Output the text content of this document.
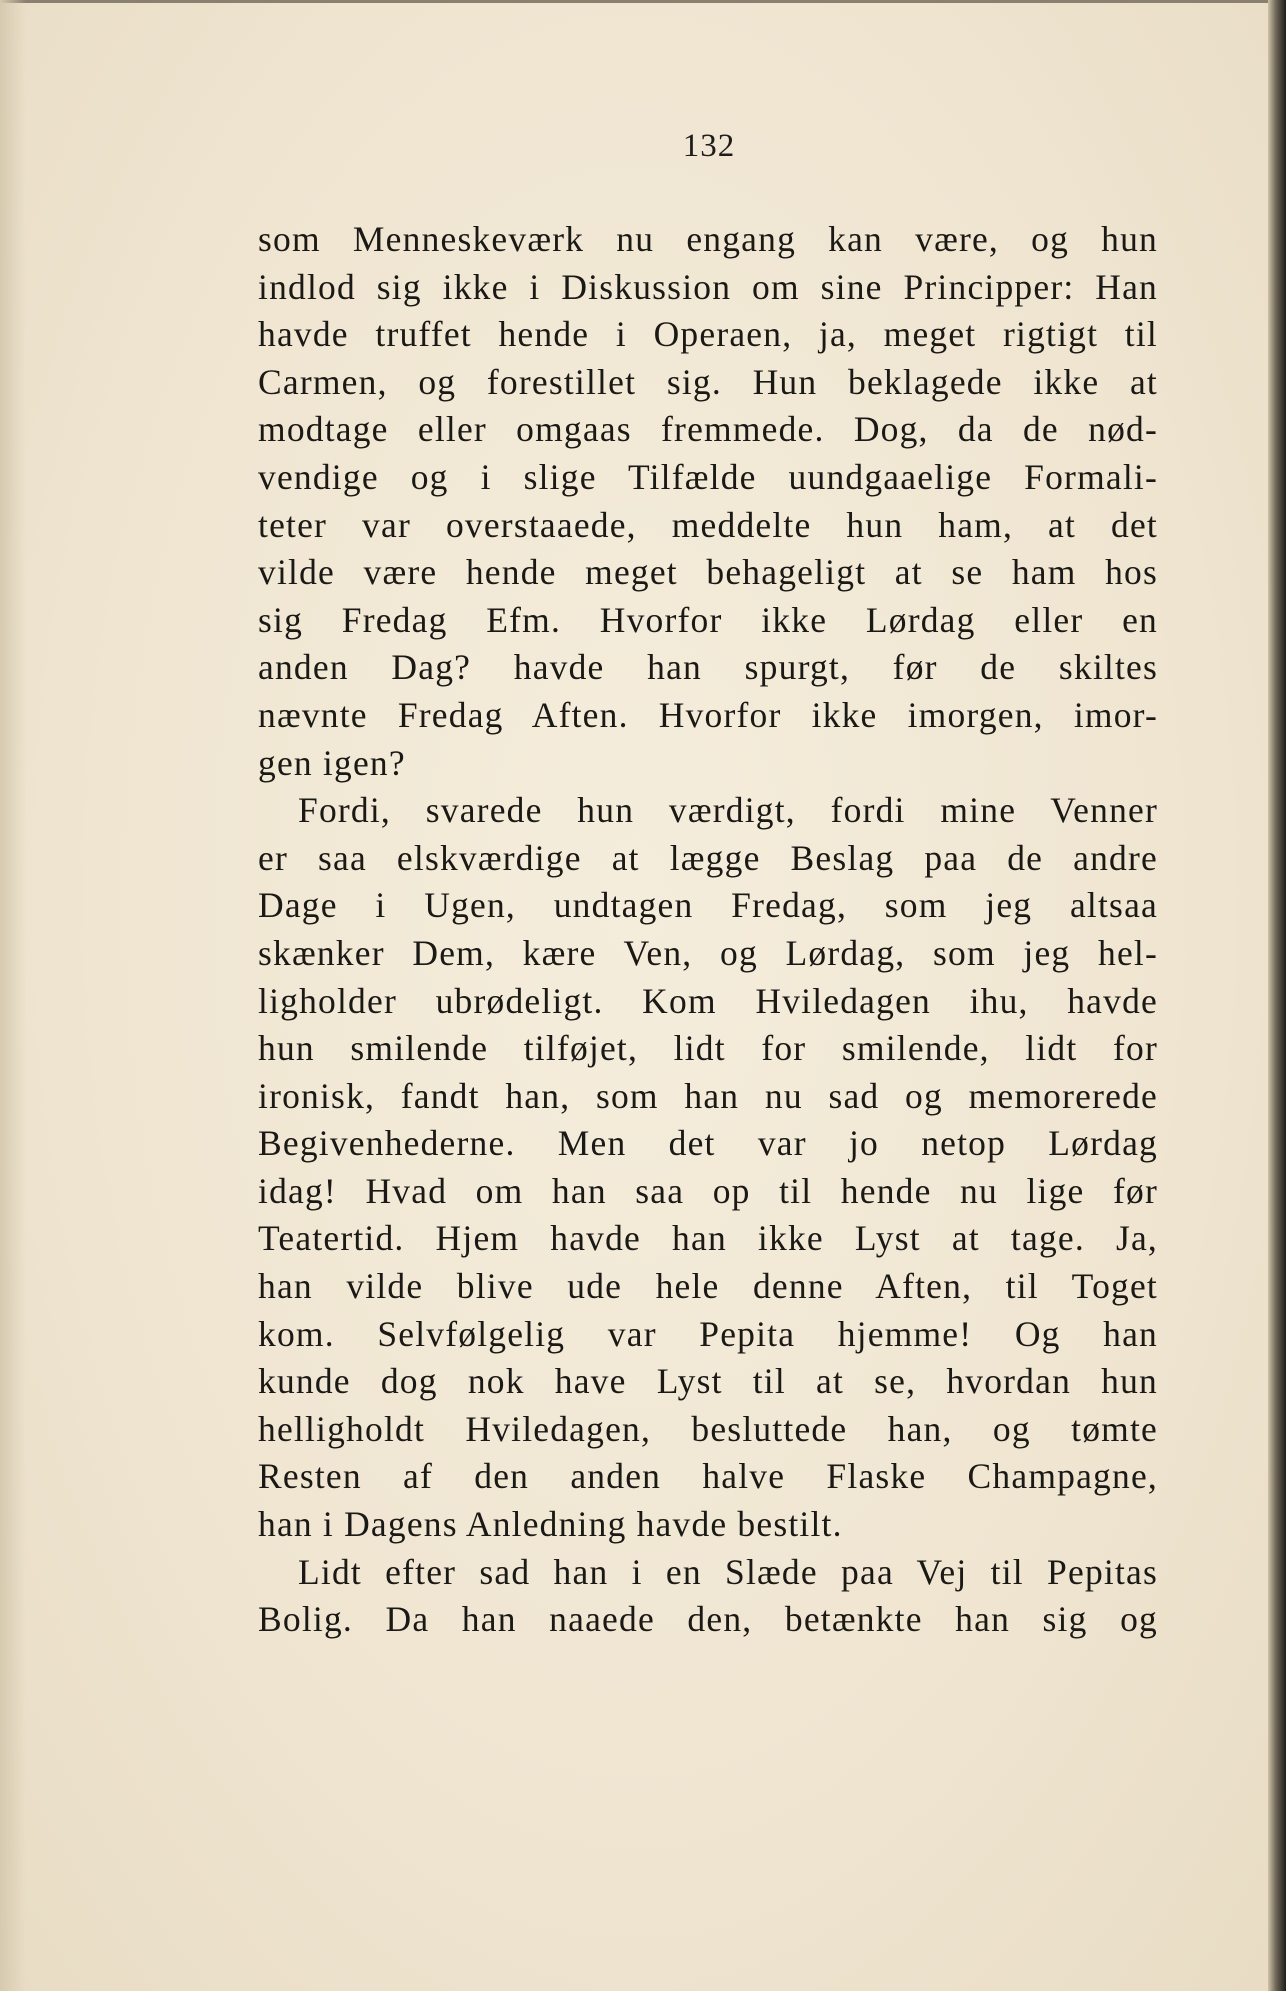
132
som Menneskeværk nu engang kan være, og hun
indlod sig ikke i Diskussion om sine Principper: Han
havde truffet hende i Operaen, ja, meget rigtigt til
Carmen, og forestillet sig. Hun beklagede ikke at
modtage eller omgaas fremmede. Dog, da de nød-
vendige og i slige Tilfælde uundgaaelige Formali-
teter var overstaaede, meddelte hun ham, at det
vilde være hende meget behageligt at se ham hos
sig Fredag Efm. Hvorfor ikke Lørdag eller en
anden Dag? havde han spurgt, før de skiltes
nævnte Fredag Aften. Hvorfor ikke imorgen, imor-
gen igen?
Fordi, svarede hun værdigt, fordi mine Venner
er saa elskværdige at lægge Beslag paa de andre
Dage i Ugen, undtagen Fredag, som jeg altsaa
skænker Dem, kære Ven, og Lørdag, som jeg hel-
ligholder ubrødeligt. Kom Hviledagen ihu, havde
hun smilende tilføjet, lidt for smilende, lidt for
ironisk, fandt han, som han nu sad og memorerede
Begivenhederne. Men det var jo netop Lørdag
idag! Hvad om han saa op til hende nu lige før
Teatertid. Hjem havde han ikke Lyst at tage. Ja,
han vilde blive ude hele denne Aften, til Toget
kom. Selvfølgelig var Pepita hjemme! Og han
kunde dog nok have Lyst til at se, hvordan hun
helligholdt Hviledagen, besluttede han, og tømte
Resten af den anden halve Flaske Champagne,
han i Dagens Anledning havde bestilt.
Lidt efter sad han i en Slæde paa Vej til Pepitas
Bolig. Da han naaede den, betænkte han sig og
